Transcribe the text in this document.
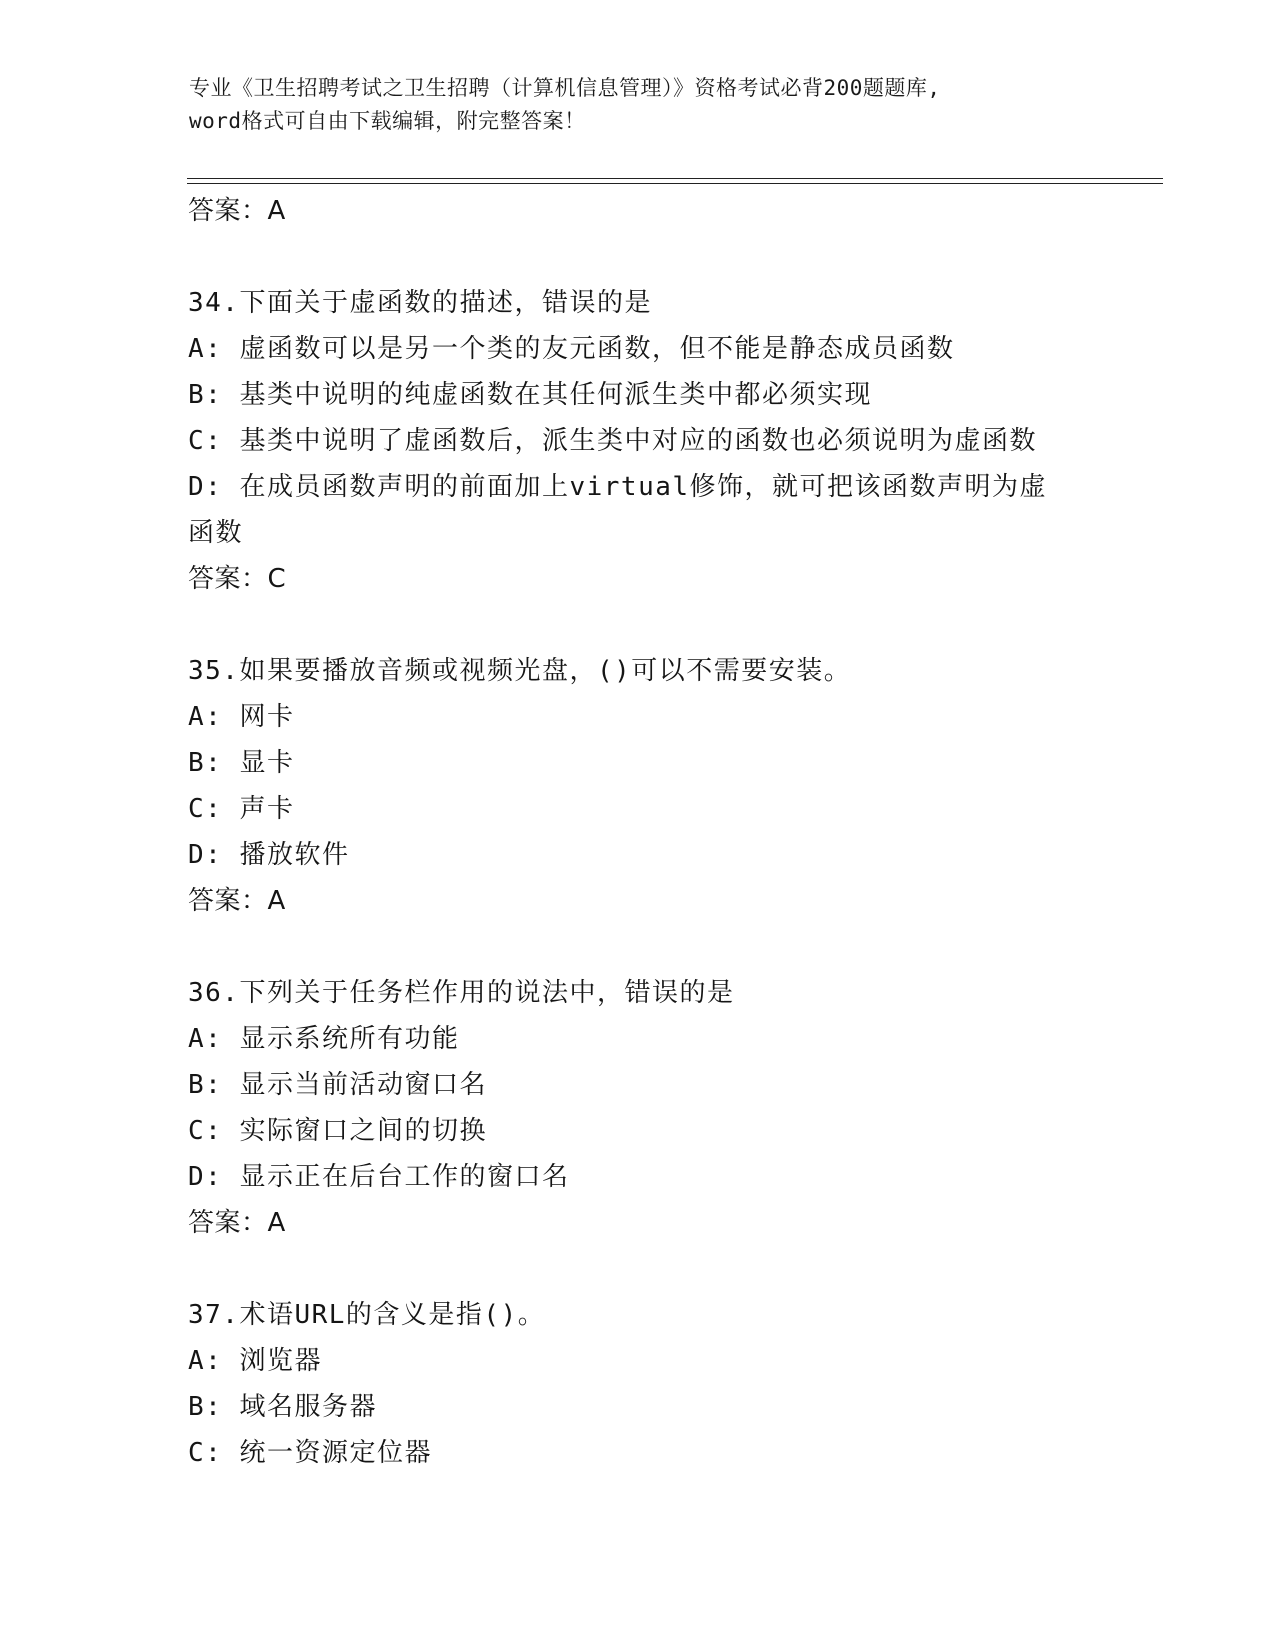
专业《卫生招聘考试之卫生招聘（计算机信息管理）》资格考试必背200题题库,
word格式可自由下载编辑，附完整答案！
答案：A
34.下面关于虚函数的描述，错误的是
A: 虚函数可以是另一个类的友元函数，但不能是静态成员函数
B: 基类中说明的纯虚函数在其任何派生类中都必须实现
C: 基类中说明了虚函数后，派生类中对应的函数也必须说明为虚函数
D: 在成员函数声明的前面加上virtual修饰，就可把该函数声明为虚
函数
答案：C
35.如果要播放音频或视频光盘，()可以不需要安装。
A: 网卡
B: 显卡
C: 声卡
D: 播放软件
答案：A
36.下列关于任务栏作用的说法中，错误的是
A: 显示系统所有功能
B: 显示当前活动窗口名
C: 实际窗口之间的切换
D: 显示正在后台工作的窗口名
答案：A
37.术语URL的含义是指()。
A: 浏览器
B: 域名服务器
C: 统一资源定位器
